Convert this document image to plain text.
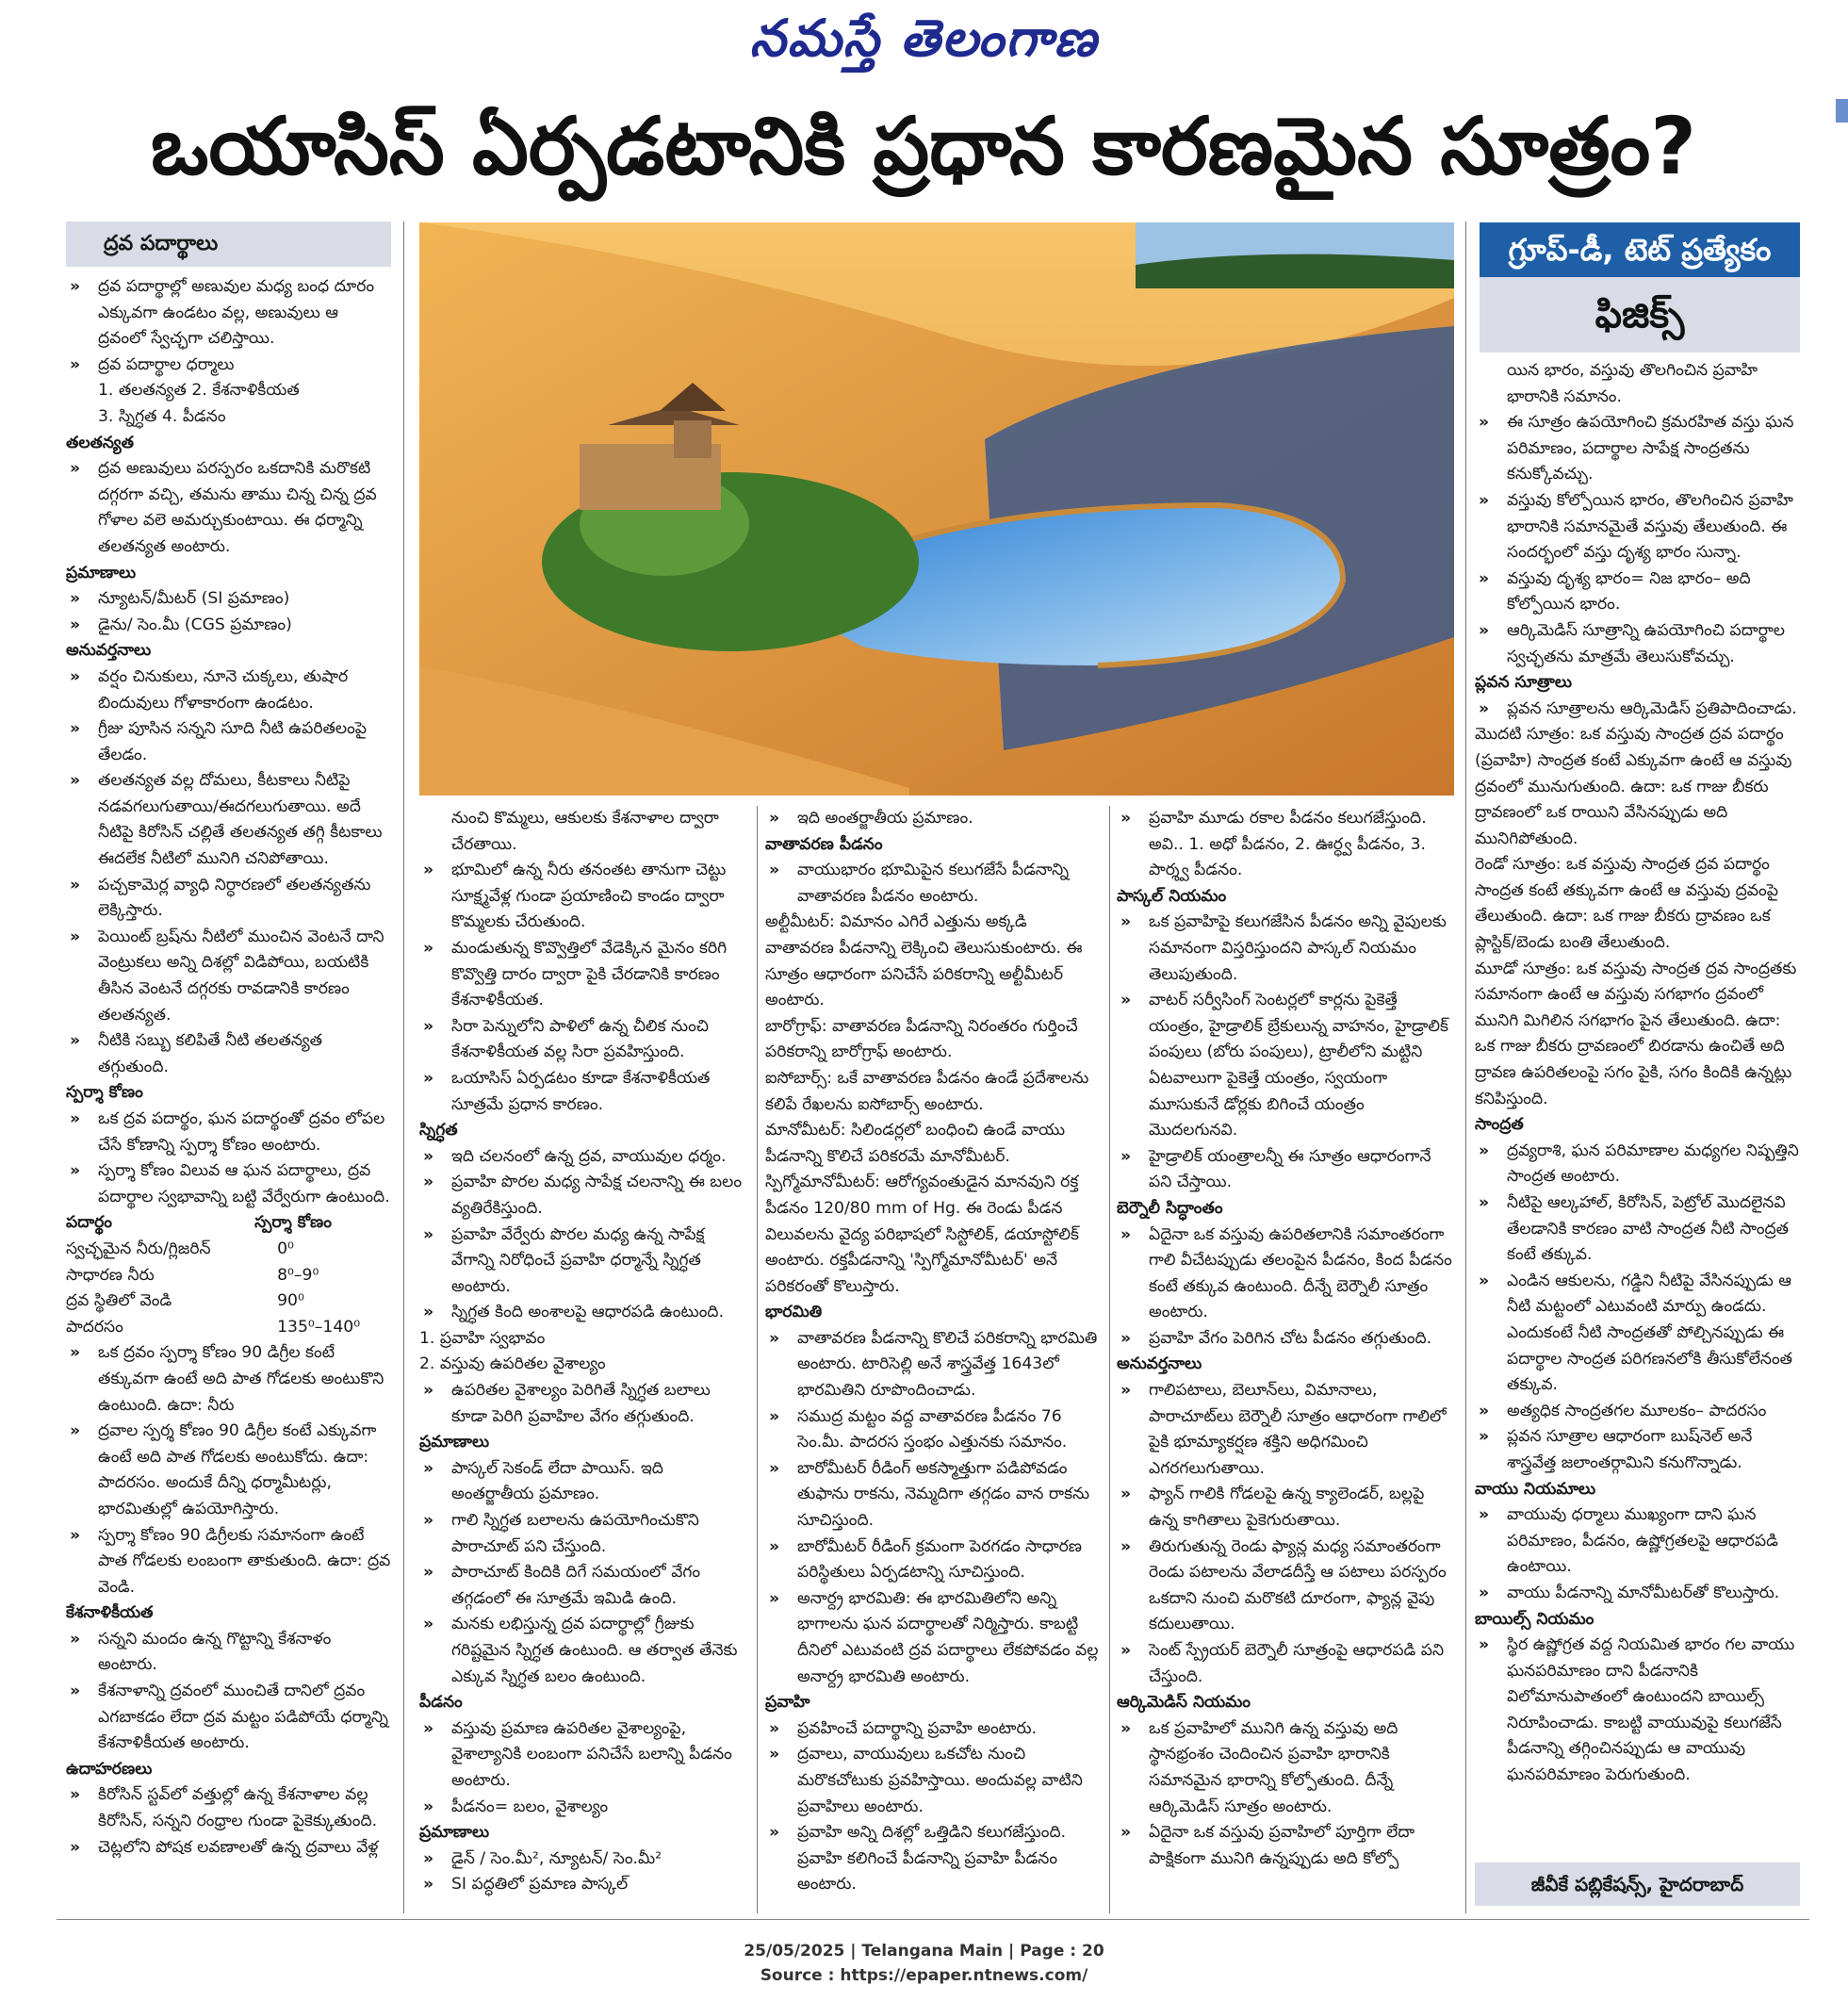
నమస్తే తెలంగాణ
ఒయాసిస్ ఏర్పడటానికి ప్రధాన కారణమైన సూత్రం?
ద్రవ పదార్థాలు
» ద్రవ పదార్థాల్లో అణువుల మధ్య బంధ దూరం ఎక్కువగా ఉండటం వల్ల, అణువులు ఆ ద్రవంలో స్వేచ్ఛగా చలిస్తాయి.
» ద్రవ పదార్థాల ధర్మాలు
1. తలతన్యత 2. కేశనాళికీయత
3. స్నిగ్ధత 4. పీడనం
తలతన్యత
» ద్రవ అణువులు పరస్పరం ఒకదానికి మరొకటి దగ్గరగా వచ్చి, తమను తాము చిన్న చిన్న ద్రవ గోళాల వలె అమర్చుకుంటాయి. ఈ ధర్మాన్ని తలతన్యత అంటారు.
ప్రమాణాలు
» న్యూటన్/మీటర్ (SI ప్రమాణం)
» డైను/ సెం.మీ (CGS ప్రమాణం)
అనువర్తనాలు
» వర్షం చినుకులు, నూనె చుక్కలు, తుషార బిందువులు గోళాకారంగా ఉండటం.
» గ్రీజు పూసిన సన్నని సూది నీటి ఉపరితలంపై తేలడం.
» తలతన్యత వల్ల దోమలు, కీటకాలు నీటిపై నడవగలుగుతాయి/ఈదగలుగుతాయి. అదే నీటిపై కిరోసిన్ చల్లితే తలతన్యత తగ్గి కీటకాలు ఈదలేక నీటిలో మునిగి చనిపోతాయి.
» పచ్చకామెర్ల వ్యాధి నిర్ధారణలో తలతన్యతను లెక్కిస్తారు.
» పెయింట్ బ్రష్‌ను నీటిలో ముంచిన వెంటనే దాని వెంట్రుకలు అన్ని దిశల్లో విడిపోయి, బయటికి తీసిన వెంటనే దగ్గరకు రావడానికి కారణం తలతన్యత.
» నీటికి సబ్బు కలిపితే నీటి తలతన్యత తగ్గుతుంది.
స్పర్శా కోణం
» ఒక ద్రవ పదార్థం, ఘన పదార్థంతో ద్రవం లోపల చేసే కోణాన్ని స్పర్శా కోణం అంటారు.
» స్పర్శా కోణం విలువ ఆ ఘన పదార్థాలు, ద్రవ పదార్థాల స్వభావాన్ని బట్టి వేర్వేరుగా ఉంటుంది.
పదార్థం	స్పర్శా కోణం
స్వచ్ఛమైన నీరు/గ్లిజరిన్	0⁰
సాధారణ నీరు	8⁰–9⁰
ద్రవ స్థితిలో వెండి	90⁰
పాదరసం	135⁰–140⁰
» ఒక ద్రవం స్పర్శా కోణం 90 డిగ్రీల కంటే తక్కువగా ఉంటే అది పాత గోడలకు అంటుకొని ఉంటుంది. ఉదా: నీరు
» ద్రవాల స్పర్శ కోణం 90 డిగ్రీల కంటే ఎక్కువగా ఉంటే అది పాత గోడలకు అంటుకోదు. ఉదా: పాదరసం. అందుకే దీన్ని ధర్మామీటర్లు, భారమితుల్లో ఉపయోగిస్తారు.
» స్పర్శా కోణం 90 డిగ్రీలకు సమానంగా ఉంటే పాత గోడలకు లంబంగా తాకుతుంది. ఉదా: ద్రవ వెండి.
కేశనాళికీయత
» సన్నని మందం ఉన్న గొట్టాన్ని కేశనాళం అంటారు.
» కేశనాళాన్ని ద్రవంలో ముంచితే దానిలో ద్రవం ఎగబాకడం లేదా ద్రవ మట్టం పడిపోయే ధర్మాన్ని కేశనాళికీయత అంటారు.
ఉదాహరణలు
» కిరోసిన్ స్టవ్‌లో వత్తుల్లో ఉన్న కేశనాళాల వల్ల కిరోసిన్, సన్నని రంధ్రాల గుండా పైకెక్కుతుంది.
» చెట్లలోని పోషక లవణాలతో ఉన్న ద్రవాలు వేళ్ల
గ్రూప్-డీ, టెట్ ప్రత్యేకం
ఫిజిక్స్
నుంచి కొమ్మలు, ఆకులకు కేశనాళాల ద్వారా చేరతాయి.
» భూమిలో ఉన్న నీరు తనంతట తానుగా చెట్టు సూక్ష్మవేళ్ల గుండా ప్రయాణించి కాండం ద్వారా కొమ్మలకు చేరుతుంది.
» మండుతున్న కొవ్వొత్తిలో వేడెక్కిన మైనం కరిగి కొవ్వొత్తి దారం ద్వారా పైకి చేరడానికి కారణం కేశనాళికీయత.
» సిరా పెన్నులోని పాళిలో ఉన్న చీలిక నుంచి కేశనాళికీయత వల్ల సిరా ప్రవహిస్తుంది.
» ఒయాసిస్ ఏర్పడటం కూడా కేశనాళికీయత సూత్రమే ప్రధాన కారణం.
స్నిగ్ధత
» ఇది చలనంలో ఉన్న ద్రవ, వాయువుల ధర్మం.
» ప్రవాహి పొరల మధ్య సాపేక్ష చలనాన్ని ఈ బలం వ్యతిరేకిస్తుంది.
» ప్రవాహి వేర్వేరు పొరల మధ్య ఉన్న సాపేక్ష వేగాన్ని నిరోధించే ప్రవాహి ధర్మాన్నే స్నిగ్ధత అంటారు.
» స్నిగ్ధత కింది అంశాలపై ఆధారపడి ఉంటుంది.
1. ప్రవాహి స్వభావం
2. వస్తువు ఉపరితల వైశాల్యం
» ఉపరితల వైశాల్యం పెరిగితే స్నిగ్ధత బలాలు కూడా పెరిగి ప్రవాహిల వేగం తగ్గుతుంది.
ప్రమాణాలు
» పాస్కల్ సెకండ్ లేదా పాయిస్. ఇది అంతర్జాతీయ ప్రమాణం.
» గాలి స్నిగ్ధత బలాలను ఉపయోగించుకొని పారాచూట్ పని చేస్తుంది.
» పారాచూట్ కిందికి దిగే సమయంలో వేగం తగ్గడంలో ఈ సూత్రమే ఇమిడి ఉంది.
» మనకు లభిస్తున్న ద్రవ పదార్థాల్లో గ్రీజుకు గరిష్టమైన స్నిగ్ధత ఉంటుంది. ఆ తర్వాత తేనెకు ఎక్కువ స్నిగ్ధత బలం ఉంటుంది.
పీడనం
» వస్తువు ప్రమాణ ఉపరితల వైశాల్యంపై, వైశాల్యానికి లంబంగా పనిచేసే బలాన్ని పీడనం అంటారు.
» పీడనం= బలం, వైశాల్యం
ప్రమాణాలు
» డైన్ / సెం.మీ², న్యూటన్/ సెం.మీ²
» SI పద్ధతిలో ప్రమాణ పాస్కల్
» ఇది అంతర్జాతీయ ప్రమాణం.
వాతావరణ పీడనం
» వాయుభారం భూమిపైన కలుగజేసే పీడనాన్ని వాతావరణ పీడనం అంటారు.
అల్టీమీటర్: విమానం ఎగిరే ఎత్తును అక్కడి వాతావరణ పీడనాన్ని లెక్కించి తెలుసుకుంటారు. ఈ సూత్రం ఆధారంగా పనిచేసే పరికరాన్ని అల్టీమీటర్ అంటారు.
బారోగ్రాఫ్: వాతావరణ పీడనాన్ని నిరంతరం గుర్తించే పరికరాన్ని బారోగ్రాఫ్ అంటారు.
ఐసోబార్స్: ఒకే వాతావరణ పీడనం ఉండే ప్రదేశాలను కలిపే రేఖలను ఐసోబార్స్ అంటారు.
మానోమీటర్: సిలిండర్లలో బంధించి ఉండే వాయు పీడనాన్ని కొలిచే పరికరమే మానోమీటర్.
స్పిగ్మోమానోమీటర్: ఆరోగ్యవంతుడైన మానవుని రక్త పీడనం 120/80 mm of Hg. ఈ రెండు పీడన విలువలను వైద్య పరిభాషలో సిస్టోలిక్, డయాస్టోలిక్ అంటారు. రక్తపీడనాన్ని 'స్పిగ్మోమానోమీటర్' అనే పరికరంతో కొలుస్తారు.
భారమితి
» వాతావరణ పీడనాన్ని కొలిచే పరికరాన్ని భారమితి అంటారు. టారిసెల్లి అనే శాస్త్రవేత్త 1643లో భారమితిని రూపొందించాడు.
» సముద్ర మట్టం వద్ద వాతావరణ పీడనం 76 సెం.మీ. పాదరస స్తంభం ఎత్తునకు సమానం.
» బారోమీటర్ రీడింగ్ అకస్మాత్తుగా పడిపోవడం తుఫాను రాకను, నెమ్మదిగా తగ్గడం వాన రాకను సూచిస్తుంది.
» బారోమీటర్ రీడింగ్ క్రమంగా పెరగడం సాధారణ పరిస్థితులు ఏర్పడటాన్ని సూచిస్తుంది.
» అనార్ద్ర భారమితి: ఈ భారమితిలోని అన్ని భాగాలను ఘన పదార్థాలతో నిర్మిస్తారు. కాబట్టి దీనిలో ఎటువంటి ద్రవ పదార్థాలు లేకపోవడం వల్ల అనార్ద్ర భారమితి అంటారు.
ప్రవాహి
» ప్రవహించే పదార్థాన్ని ప్రవాహి అంటారు.
» ద్రవాలు, వాయువులు ఒకచోట నుంచి మరొకచోటుకు ప్రవహిస్తాయి. అందువల్ల వాటిని ప్రవాహిలు అంటారు.
» ప్రవాహి అన్ని దిశల్లో ఒత్తిడిని కలుగజేస్తుంది. ప్రవాహి కలిగించే పీడనాన్ని ప్రవాహి పీడనం అంటారు.
» ప్రవాహి మూడు రకాల పీడనం కలుగజేస్తుంది. అవి.. 1. అధో పీడనం, 2. ఊర్ధ్వ పీడనం, 3. పార్శ్వ పీడనం.
పాస్కల్ నియమం
» ఒక ప్రవాహిపై కలుగజేసిన పీడనం అన్ని వైపులకు సమానంగా విస్తరిస్తుందని పాస్కల్ నియమం తెలుపుతుంది.
» వాటర్ సర్వీసింగ్ సెంటర్లలో కార్లను పైకెత్తే యంత్రం, హైడ్రాలిక్ బ్రేకులున్న వాహనం, హైడ్రాలిక్ పంపులు (బోరు పంపులు), ట్రాలీలోని మట్టిని ఏటవాలుగా పైకెత్తే యంత్రం, స్వయంగా మూసుకునే డోర్లకు బిగించే యంత్రం మొదలగునవి.
» హైడ్రాలిక్ యంత్రాలన్నీ ఈ సూత్రం ఆధారంగానే పని చేస్తాయి.
బెర్నౌలీ సిద్ధాంతం
» ఏదైనా ఒక వస్తువు ఉపరితలానికి సమాంతరంగా గాలి వీచేటప్పుడు తలంపైన పీడనం, కింద పీడనం కంటే తక్కువ ఉంటుంది. దీన్నే బెర్నౌలీ సూత్రం అంటారు.
» ప్రవాహి వేగం పెరిగిన చోట పీడనం తగ్గుతుంది.
అనువర్తనాలు
» గాలిపటాలు, బెలూన్‌లు, విమానాలు, పారాచూట్‌లు బెర్నౌలీ సూత్రం ఆధారంగా గాలిలో పైకి భూమ్యాకర్షణ శక్తిని అధిగమించి ఎగరగలుగుతాయి.
» ఫ్యాన్ గాలికి గోడలపై ఉన్న క్యాలెండర్, బల్లపై ఉన్న కాగితాలు పైకెగురుతాయి.
» తిరుగుతున్న రెండు ఫ్యాన్ల మధ్య సమాంతరంగా రెండు పటాలను వేలాడదీస్తే ఆ పటాలు పరస్పరం ఒకదాని నుంచి మరొకటి దూరంగా, ఫ్యాన్ల వైపు కదులుతాయి.
» సెంట్ స్ప్రేయర్ బెర్నౌలీ సూత్రంపై ఆధారపడి పని చేస్తుంది.
ఆర్కిమెడిస్ నియమం
» ఒక ప్రవాహిలో మునిగి ఉన్న వస్తువు అది స్థానభ్రంశం చెందించిన ప్రవాహి భారానికి సమానమైన భారాన్ని కోల్పోతుంది. దీన్నే ఆర్కిమెడిస్ సూత్రం అంటారు.
» ఏదైనా ఒక వస్తువు ప్రవాహిలో పూర్తిగా లేదా పాక్షికంగా మునిగి ఉన్నప్పుడు అది కోల్పో
యిన భారం, వస్తువు తొలగించిన ప్రవాహి భారానికి సమానం.
» ఈ సూత్రం ఉపయోగించి క్రమరహిత వస్తు ఘన పరిమాణం, పదార్థాల సాపేక్ష సాంద్రతను కనుక్కోవచ్చు.
» వస్తువు కోల్పోయిన భారం, తొలగించిన ప్రవాహి భారానికి సమానమైతే వస్తువు తేలుతుంది. ఈ సందర్భంలో వస్తు దృశ్య భారం సున్నా.
» వస్తువు దృశ్య భారం= నిజ భారం– అది కోల్పోయిన భారం.
» ఆర్కిమెడిస్ సూత్రాన్ని ఉపయోగించి పదార్థాల స్వచ్ఛతను మాత్రమే తెలుసుకోవచ్చు.
ప్లవన సూత్రాలు
» ప్లవన సూత్రాలను ఆర్కిమెడిస్ ప్రతిపాదించాడు.
మొదటి సూత్రం: ఒక వస్తువు సాంద్రత ద్రవ పదార్థం (ప్రవాహి) సాంద్రత కంటే ఎక్కువగా ఉంటే ఆ వస్తువు ద్రవంలో మునుగుతుంది. ఉదా: ఒక గాజు బీకరు ద్రావణంలో ఒక రాయిని వేసినప్పుడు అది మునిగిపోతుంది.
రెండో సూత్రం: ఒక వస్తువు సాంద్రత ద్రవ పదార్థం సాంద్రత కంటే తక్కువగా ఉంటే ఆ వస్తువు ద్రవంపై తేలుతుంది. ఉదా: ఒక గాజు బీకరు ద్రావణం ఒక ప్లాస్టిక్/బెండు బంతి తేలుతుంది.
మూడో సూత్రం: ఒక వస్తువు సాంద్రత ద్రవ సాంద్రతకు సమానంగా ఉంటే ఆ వస్తువు సగభాగం ద్రవంలో మునిగి మిగిలిన సగభాగం పైన తేలుతుంది. ఉదా: ఒక గాజు బీకరు ద్రావణంలో బిరడాను ఉంచితే అది ద్రావణ ఉపరితలంపై సగం పైకి, సగం కిందికి ఉన్నట్లు కనిపిస్తుంది.
సాంద్రత
» ద్రవ్యరాశి, ఘన పరిమాణాల మధ్యగల నిష్పత్తిని సాంద్రత అంటారు.
» నీటిపై ఆల్కహాల్, కిరోసిన్, పెట్రోల్ మొదలైనవి తేలడానికి కారణం వాటి సాంద్రత నీటి సాంద్రత కంటే తక్కువ.
» ఎండిన ఆకులను, గడ్డిని నీటిపై వేసినప్పుడు ఆ నీటి మట్టంలో ఎటువంటి మార్పు ఉండదు. ఎందుకంటే నీటి సాంద్రతతో పోల్చినప్పుడు ఈ పదార్థాల సాంద్రత పరిగణనలోకి తీసుకోలేనంత తక్కువ.
» అత్యధిక సాంద్రతగల మూలకం– పాదరసం
» ప్లవన సూత్రాల ఆధారంగా బుష్‌నెల్ అనే శాస్త్రవేత్త జలాంతర్గామిని కనుగొన్నాడు.
వాయు నియమాలు
» వాయువు ధర్మాలు ముఖ్యంగా దాని ఘన పరిమాణం, పీడనం, ఉష్ణోగ్రతలపై ఆధారపడి ఉంటాయి.
» వాయు పీడనాన్ని మానోమీటర్‌తో కొలుస్తారు.
బాయిల్స్ నియమం
» స్థిర ఉష్ణోగ్రత వద్ద నియమిత భారం గల వాయు ఘనపరిమాణం దాని పీడనానికి విలోమానుపాతంలో ఉంటుందని బాయిల్స్ నిరూపించాడు. కాబట్టి వాయువుపై కలుగజేసే పీడనాన్ని తగ్గించినప్పుడు ఆ వాయువు ఘనపరిమాణం పెరుగుతుంది.
జీవీకే పబ్లికేషన్స్, హైదరాబాద్
25/05/2025 | Telangana Main | Page : 20
Source : https://epaper.ntnews.com/
